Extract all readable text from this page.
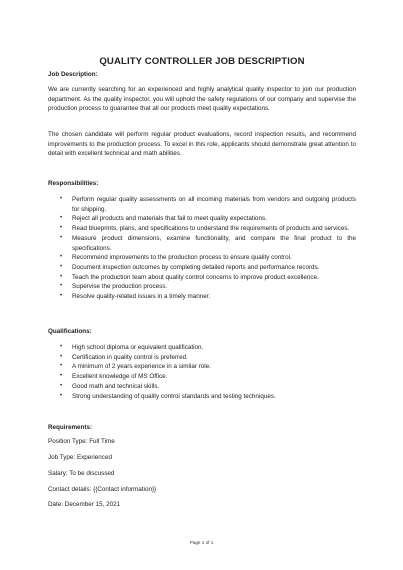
QUALITY CONTROLLER JOB DESCRIPTION

Job Description:

We are currently searching for an experienced and highly analytical quality inspector to join our production department. As the quality inspector, you will uphold the safety regulations of our company and supervise the production process to guarantee that all our products meet quality expectations.

The chosen candidate will perform regular product evaluations, record inspection results, and recommend improvements to the production process. To excel in this role, applicants should demonstrate great attention to detail with excellent technical and math abilities.

Responsibilities:

• Perform regular quality assessments on all incoming materials from vendors and outgoing products for shipping.
• Reject all products and materials that fail to meet quality expectations.
• Read blueprints, plans, and specifications to understand the requirements of products and services.
• Measure product dimensions, examine functionality, and compare the final product to the specifications.
• Recommend improvements to the production process to ensure quality control.
• Document inspection outcomes by completing detailed reports and performance records.
• Teach the production team about quality control concerns to improve product excellence.
• Supervise the production process.
• Resolve quality-related issues in a timely manner.

Qualifications:

• High school diploma or equivalent qualification.
• Certification in quality control is preferred.
• A minimum of 2 years experience in a similar role.
• Excellent knowledge of MS Office.
• Good math and technical skills.
• Strong understanding of quality control standards and testing techniques.

Requirements:

Position Type: Full Time

Job Type: Experienced

Salary: To be discussed

Contact details: {{Contact information}}

Date: December 15, 2021

Page 1 of 1
